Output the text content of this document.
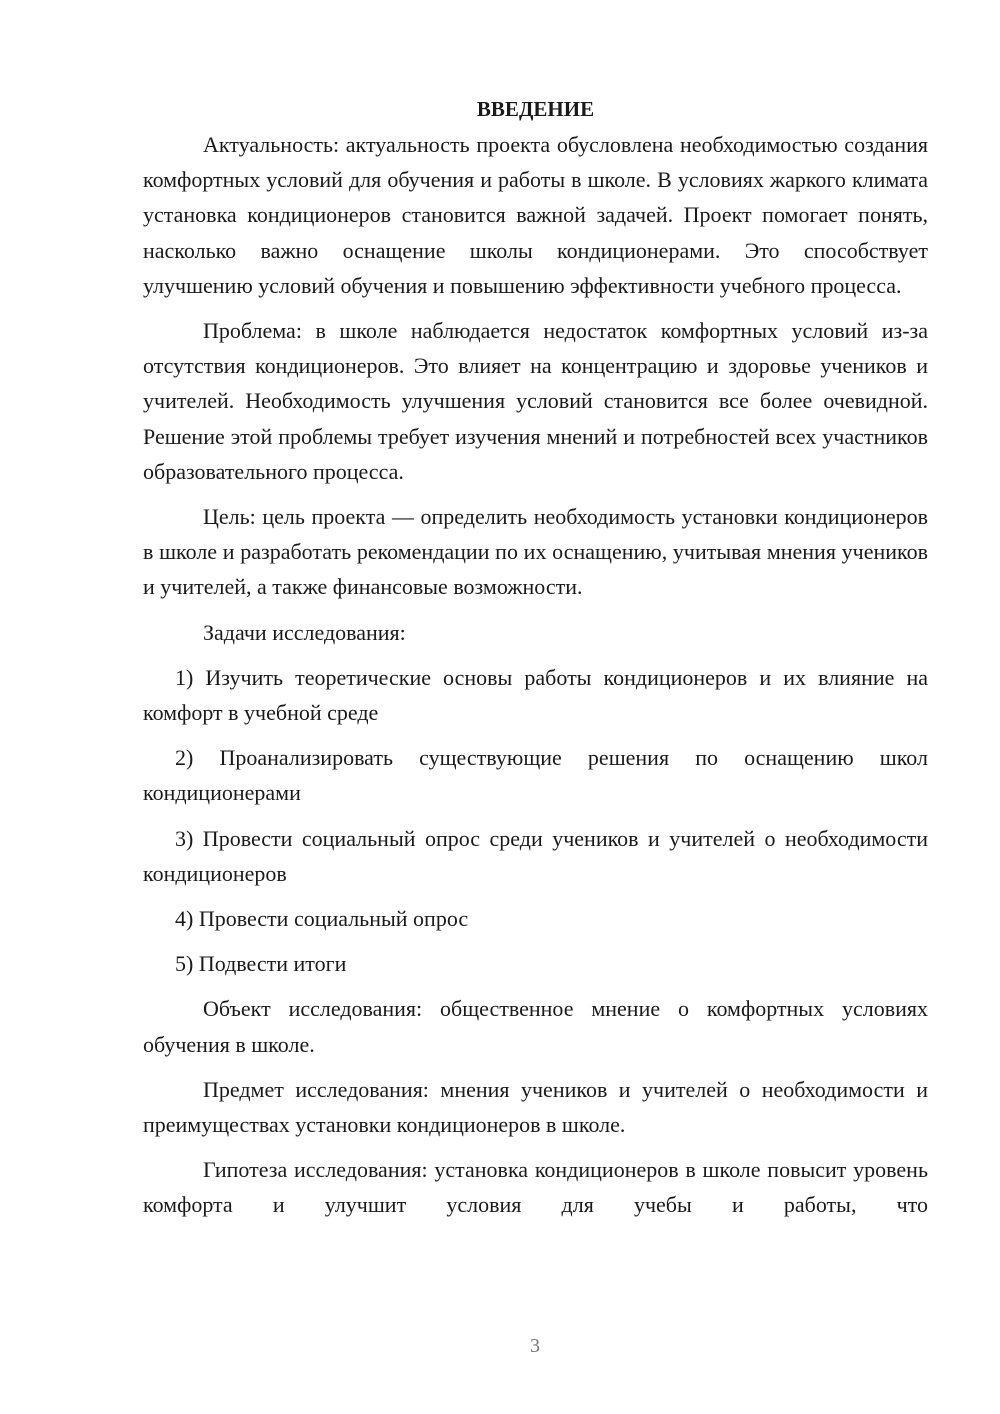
ВВЕДЕНИЕ

Актуальность: актуальность проекта обусловлена необходимостью создания комфортных условий для обучения и работы в школе. В условиях жаркого климата установка кондиционеров становится важной задачей. Проект помогает понять, насколько важно оснащение школы кондиционерами. Это способствует улучшению условий обучения и повышению эффективности учебного процесса.

Проблема: в школе наблюдается недостаток комфортных условий из-за отсутствия кондиционеров. Это влияет на концентрацию и здоровье учеников и учителей. Необходимость улучшения условий становится все более очевидной. Решение этой проблемы требует изучения мнений и потребностей всех участников образовательного процесса.

Цель: цель проекта — определить необходимость установки кондиционеров в школе и разработать рекомендации по их оснащению, учитывая мнения учеников и учителей, а также финансовые возможности.

Задачи исследования:

1) Изучить теоретические основы работы кондиционеров и их влияние на комфорт в учебной среде

2) Проанализировать существующие решения по оснащению школ кондиционерами

3) Провести социальный опрос среди учеников и учителей о необходимости кондиционеров

4) Провести социальный опрос

5) Подвести итоги

Объект исследования: общественное мнение о комфортных условиях обучения в школе.

Предмет исследования: мнения учеников и учителей о необходимости и преимуществах установки кондиционеров в школе.

Гипотеза исследования: установка кондиционеров в школе повысит уровень комфорта и улучшит условия для учебы и работы, что

3
